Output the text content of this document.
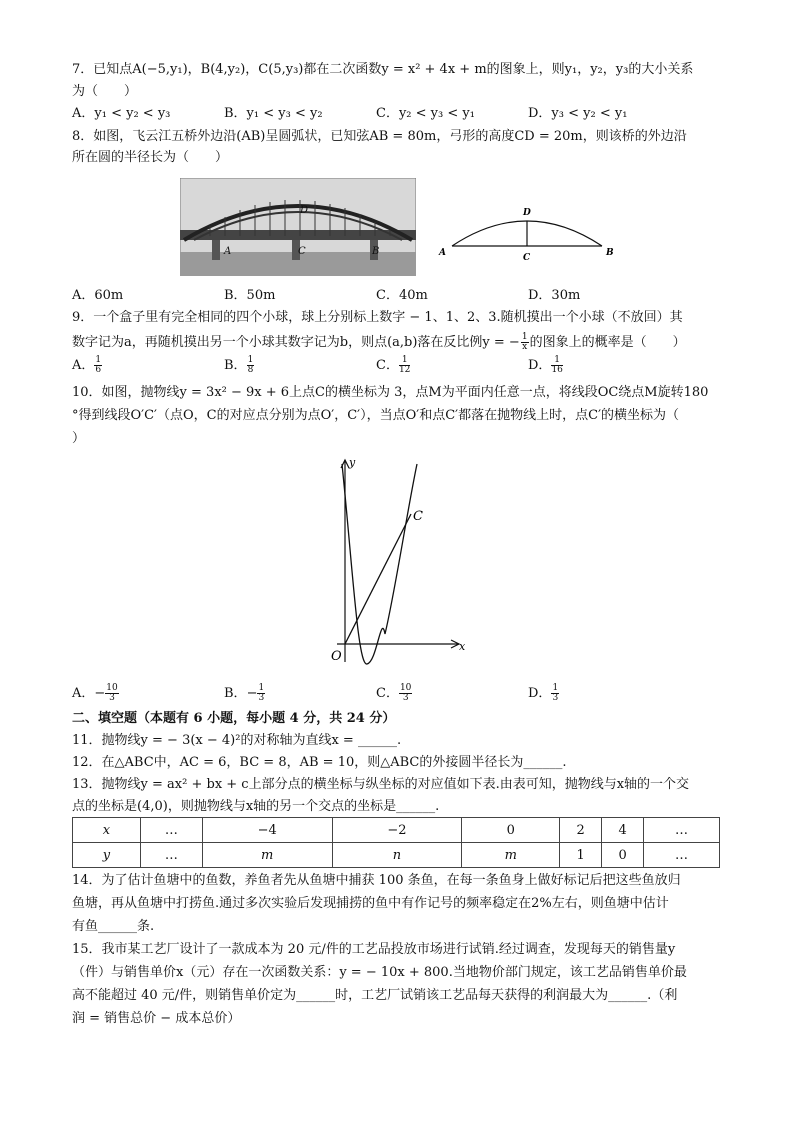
7．已知点A(−5,y₁)，B(4,y₂)，C(5,y₃)都在二次函数y = x² + 4x + m的图象上，则y₁，y₂，y₃的大小关系
为（　　）
A．y₁ < y₂ < y₃	B．y₁ < y₃ < y₂	C．y₂ < y₃ < y₁	D．y₃ < y₂ < y₁
8．如图，飞云江五桥外边沿(AB)呈圆弧状，已知弦AB = 80m，弓形的高度CD = 20m，则该桥的外边沿
所在圆的半径长为（　　）
D
A	C	B	A	B
C
D
A．60m	B．50m	C．40m	D．30m
9．一个盒子里有完全相同的四个小球，球上分别标上数字 − 1、1、2、3.随机摸出一个小球（不放回）其
数字记为a，再随机摸出另一个小球其数字记为b，则点(a,b)落在反比例y = − $\frac{1}{x}$ 的图象上的概率是（　　）
A． $\frac{1}{6}$	B． $\frac{1}{8}$	C． $\frac{1}{12}$	D． $\frac{1}{16}$
10．如图，抛物线y = 3x² − 9x + 6上点C的横坐标为 3，点M为平面内任意一点，将线段OC绕点M旋转180
°得到线段O′C′（点O，C的对应点分别为点O′，C′），当点O′和点C′都落在抛物线上时，点C′的横坐标为（
）
y
x
O
C
A．− $\frac{10}{3}$	B．− $\frac{1}{3}$	C． $\frac{10}{3}$	D． $\frac{1}{3}$
二、填空题（本题有 6 小题，每小题 4 分，共 24 分）
11．抛物线y = − 3(x − 4)²的对称轴为直线x = ______.
12．在△ABC中，AC = 6，BC = 8，AB = 10，则△ABC的外接圆半径长为______.
13．抛物线y = ax² + bx + c上部分点的横坐标与纵坐标的对应值如下表.由表可知，抛物线与x轴的一个交
点的坐标是(4,0)，则抛物线与x轴的另一个交点的坐标是______.
x	…	−4	−2	0	2	4	…
y	…	m	n	m	1	0	…
14．为了估计鱼塘中的鱼数，养鱼者先从鱼塘中捕获 100 条鱼，在每一条鱼身上做好标记后把这些鱼放归
鱼塘，再从鱼塘中打捞鱼.通过多次实验后发现捕捞的鱼中有作记号的频率稳定在2%左右，则鱼塘中估计
有鱼______条.
15．我市某工艺厂设计了一款成本为 20 元/件的工艺品投放市场进行试销.经过调查，发现每天的销售量y
（件）与销售单价x（元）存在一次函数关系：y = − 10x + 800.当地物价部门规定，该工艺品销售单价最
高不能超过 40 元/件，则销售单价定为______时，工艺厂试销该工艺品每天获得的利润最大为______.（利
润 = 销售总价 − 成本总价）
